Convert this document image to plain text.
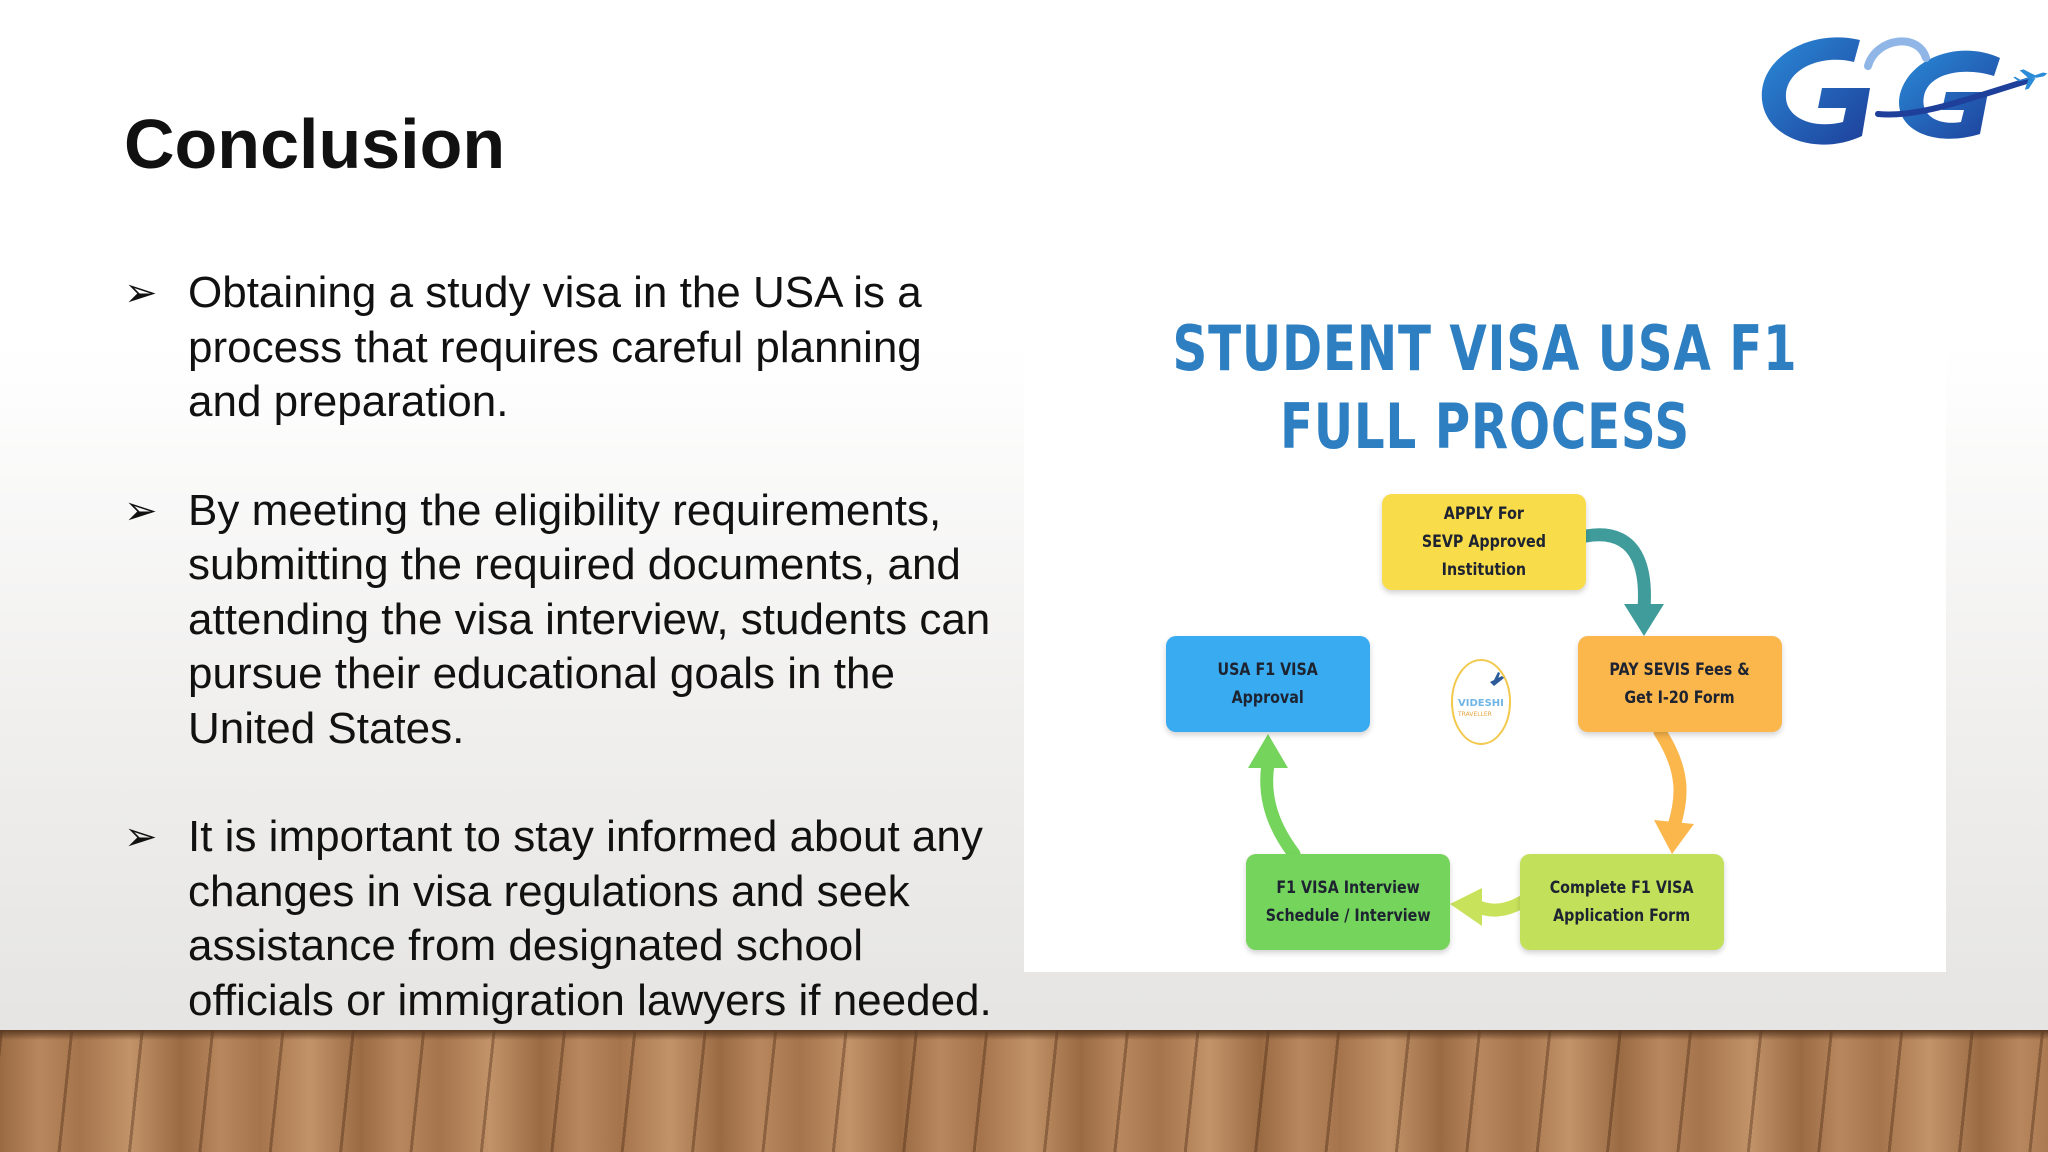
Conclusion
➢ Obtaining a study visa in the USA is a process that requires careful planning and preparation.
➢ By meeting the eligibility requirements, submitting the required documents, and attending the visa interview, students can pursue their educational goals in the United States.
➢ It is important to stay informed about any changes in visa regulations and seek assistance from designated school officials or immigration lawyers if needed.
STUDENT VISA USA F1
FULL PROCESS
APPLY For
SEVP Approved
Institution
PAY SEVIS Fees &
Get I-20 Form
Complete F1 VISA
Application Form
F1 VISA Interview
Schedule / Interview
USA F1 VISA
Approval	VIDESHI
TRAVELLER
